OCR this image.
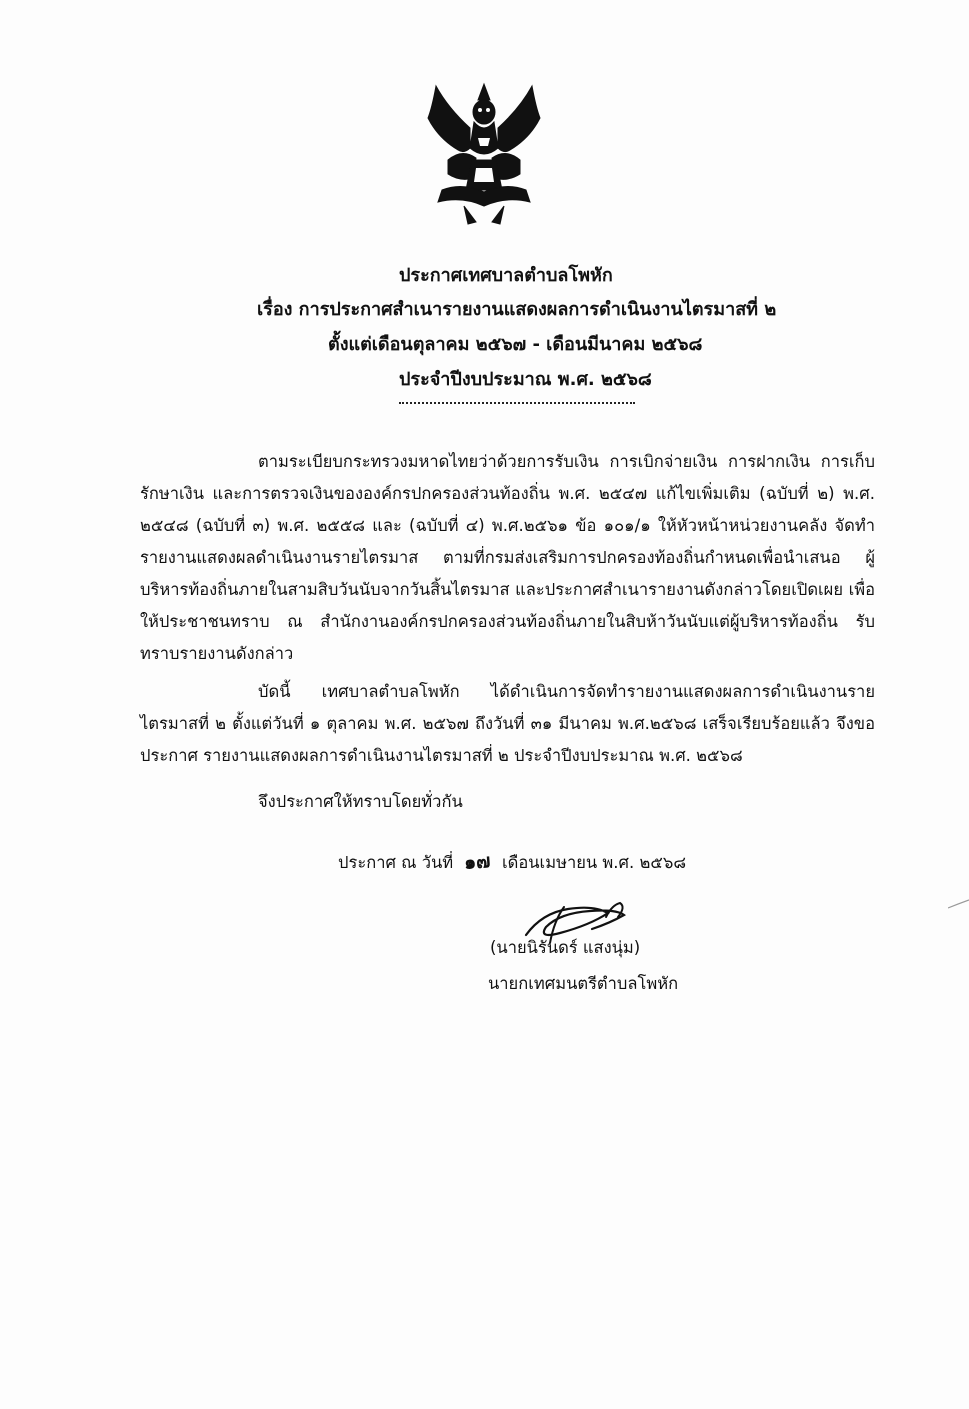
ประกาศเทศบาลตำบลโพหัก
เรื่อง การประกาศสำเนารายงานแสดงผลการดำเนินงานไตรมาสที่ ๒
ตั้งแต่เดือนตุลาคม ๒๕๖๗ - เดือนมีนาคม ๒๕๖๘
ประจำปีงบประมาณ พ.ศ. ๒๕๖๘
ตามระเบียบกระทรวงมหาดไทยว่าด้วยการรับเงิน การเบิกจ่ายเงิน การฝากเงิน การเก็บรักษาเงิน และการตรวจเงินขององค์กรปกครองส่วนท้องถิ่น พ.ศ. ๒๕๔๗ แก้ไขเพิ่มเติม (ฉบับที่ ๒) พ.ศ. ๒๕๔๘ (ฉบับที่ ๓) พ.ศ. ๒๕๕๘ และ (ฉบับที่ ๔) พ.ศ.๒๕๖๑ ข้อ ๑๐๑/๑ ให้หัวหน้าหน่วยงานคลัง จัดทำรายงานแสดงผลดำเนินงานรายไตรมาส ตามที่กรมส่งเสริมการปกครองท้องถิ่นกำหนดเพื่อนำเสนอ ผู้บริหารท้องถิ่นภายในสามสิบวันนับจากวันสิ้นไตรมาส และประกาศสำเนารายงานดังกล่าวโดยเปิดเผย เพื่อให้ประชาชนทราบ ณ สำนักงานองค์กรปกครองส่วนท้องถิ่นภายในสิบห้าวันนับแต่ผู้บริหารท้องถิ่น รับทราบรายงานดังกล่าว
บัดนี้ เทศบาลตำบลโพหัก ได้ดำเนินการจัดทำรายงานแสดงผลการดำเนินงานรายไตรมาสที่ ๒ ตั้งแต่วันที่ ๑ ตุลาคม พ.ศ. ๒๕๖๗ ถึงวันที่ ๓๑ มีนาคม พ.ศ.๒๕๖๘ เสร็จเรียบร้อยแล้ว จึงขอประกาศ รายงานแสดงผลการดำเนินงานไตรมาสที่ ๒ ประจำปีงบประมาณ พ.ศ. ๒๕๖๘
จึงประกาศให้ทราบโดยทั่วกัน
ประกาศ ณ วันที่ ๑๗ เดือนเมษายน พ.ศ. ๒๕๖๘
(นายนิรันดร์ แสงนุ่ม)
นายกเทศมนตรีตำบลโพหัก
